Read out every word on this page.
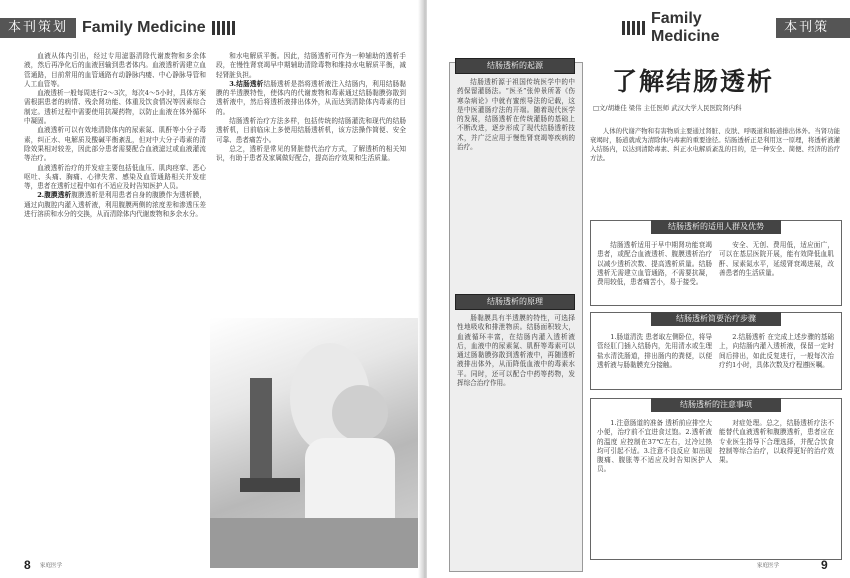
本刊策划 Family Medicine

血液从体内引出，经过专用滤器清除代谢废物和多余体液，然后再净化后的血液回输到患者体内。血液透析需建立血管通路，目前常用的血管通路有动静脉内瘘、中心静脉导管和人工血管等。

血液透析一般每周进行2～3次，每次4～5小时，具体方案需根据患者的病情、残余肾功能、体重及饮食情况等因素综合制定。透析过程中需要使用抗凝药物，以防止血液在体外循环中凝固。

血液透析可以有效地清除体内的尿素氮、肌酐等小分子毒素，纠正水、电解质及酸碱平衡紊乱，但对中大分子毒素的清除效果相对较差，因此部分患者需要配合血液滤过或血液灌流等治疗。

血液透析治疗的并发症主要包括低血压、肌肉痉挛、恶心呕吐、头痛、胸痛、心律失常、感染及血管通路相关并发症等，患者在透析过程中如有不适应及时告知医护人员。

2.腹膜透析腹膜透析是利用患者自身的腹膜作为透析膜，通过向腹腔内灌入透析液，利用腹膜两侧的浓度差和渗透压差进行溶质和水分的交换，从而清除体内代谢废物和多余水分。

和水电解质平衡。因此，结肠透析可作为一种辅助的透析手段，在慢性肾衰竭早中期辅助清除毒物和维持水电解质平衡，减轻肾脏负担。

3.结肠透析结肠透析是指将透析液注入结肠内，利用结肠黏膜的半透膜特性，使体内的代谢废物和毒素通过结肠黏膜弥散到透析液中，然后将透析液排出体外，从而达到清除体内毒素的目的。

结肠透析治疗方法多样，包括传统的结肠灌洗和现代的结肠透析机，目前临床上多使用结肠透析机，该方法操作简便、安全可靠、患者痛苦小。

总之，透析是常见的肾脏替代治疗方式，了解透析的相关知识，有助于患者及家属做好配合，提高治疗效果和生活质量。

8 家庭医学
Family Medicine
本刊策划
结肠透析的起源

结肠透析源于祖国传统医学中的中药保留灌肠法。“医圣”张仲景所著《伤寒杂病论》中就有蜜煎导法的记载，这是中医灌肠疗法的开端。随着现代医学的发展，结肠透析在传统灌肠的基础上不断改进，逐步形成了现代结肠透析技术，并广泛应用于慢性肾衰竭等疾病的治疗。

结肠透析的原理

肠黏膜具有半透膜的特性，可选择性地吸收和排泄物质。结肠面积较大，血液循环丰富，在结肠内灌入透析液后，血液中的尿素氮、肌酐等毒素可以通过肠黏膜弥散到透析液中，再随透析液排出体外，从而降低血液中的毒素水平。同时，还可以配合中药等药物，发挥综合治疗作用。

了解结肠透析
□文/胡雄佳 梁伟 主任医师 武汉大学人民医院肾内科

人体的代谢产物和有害物质主要通过肾脏、皮肤、呼吸道和肠道排出体外。当肾功能衰竭时，肠道就成为清除体内毒素的重要途径。结肠透析正是利用这一原理，将透析液灌入结肠内，以达到清除毒素、纠正水电解质紊乱的目的，是一种安全、简便、经济的治疗方法。

结肠透析的适用人群及优势

结肠透析适用于早中期肾功能衰竭患者，或配合血液透析、腹膜透析治疗以减少透析次数、提高透析质量。结肠透析无需建立血管通路，不需要抗凝，费用较低，患者痛苦小，易于接受。

安全、无创、费用低，适应面广，可以在基层医院开展，能有效降低血肌酐、尿素氮水平，延缓肾衰竭进展，改善患者的生活质量。

结肠透析简要治疗步骤

1.肠道清洗 患者取左侧卧位，将导管经肛门插入结肠内，先用清水或生理盐水清洗肠道，排出肠内的粪便，以便透析液与肠黏膜充分接触。

2.结肠透析 在完成上述步骤的基础上，向结肠内灌入透析液，保留一定时间后排出，如此反复进行，一般每次治疗约1小时，具体次数及疗程遵医嘱。

结肠透析的注意事项

1.注意肠道的准备 透析前应排空大小便，治疗前不宜进食过饱。2.透析液的温度 应控制在37℃左右，过冷过热均可引起不适。3.注意不良反应 如出现腹痛、腹胀等不适应及时告知医护人员。

对症处理。总之，结肠透析疗法不能替代血液透析和腹膜透析，患者应在专业医生指导下合理选择，并配合饮食控制等综合治疗，以取得更好的治疗效果。

家庭医学	9
